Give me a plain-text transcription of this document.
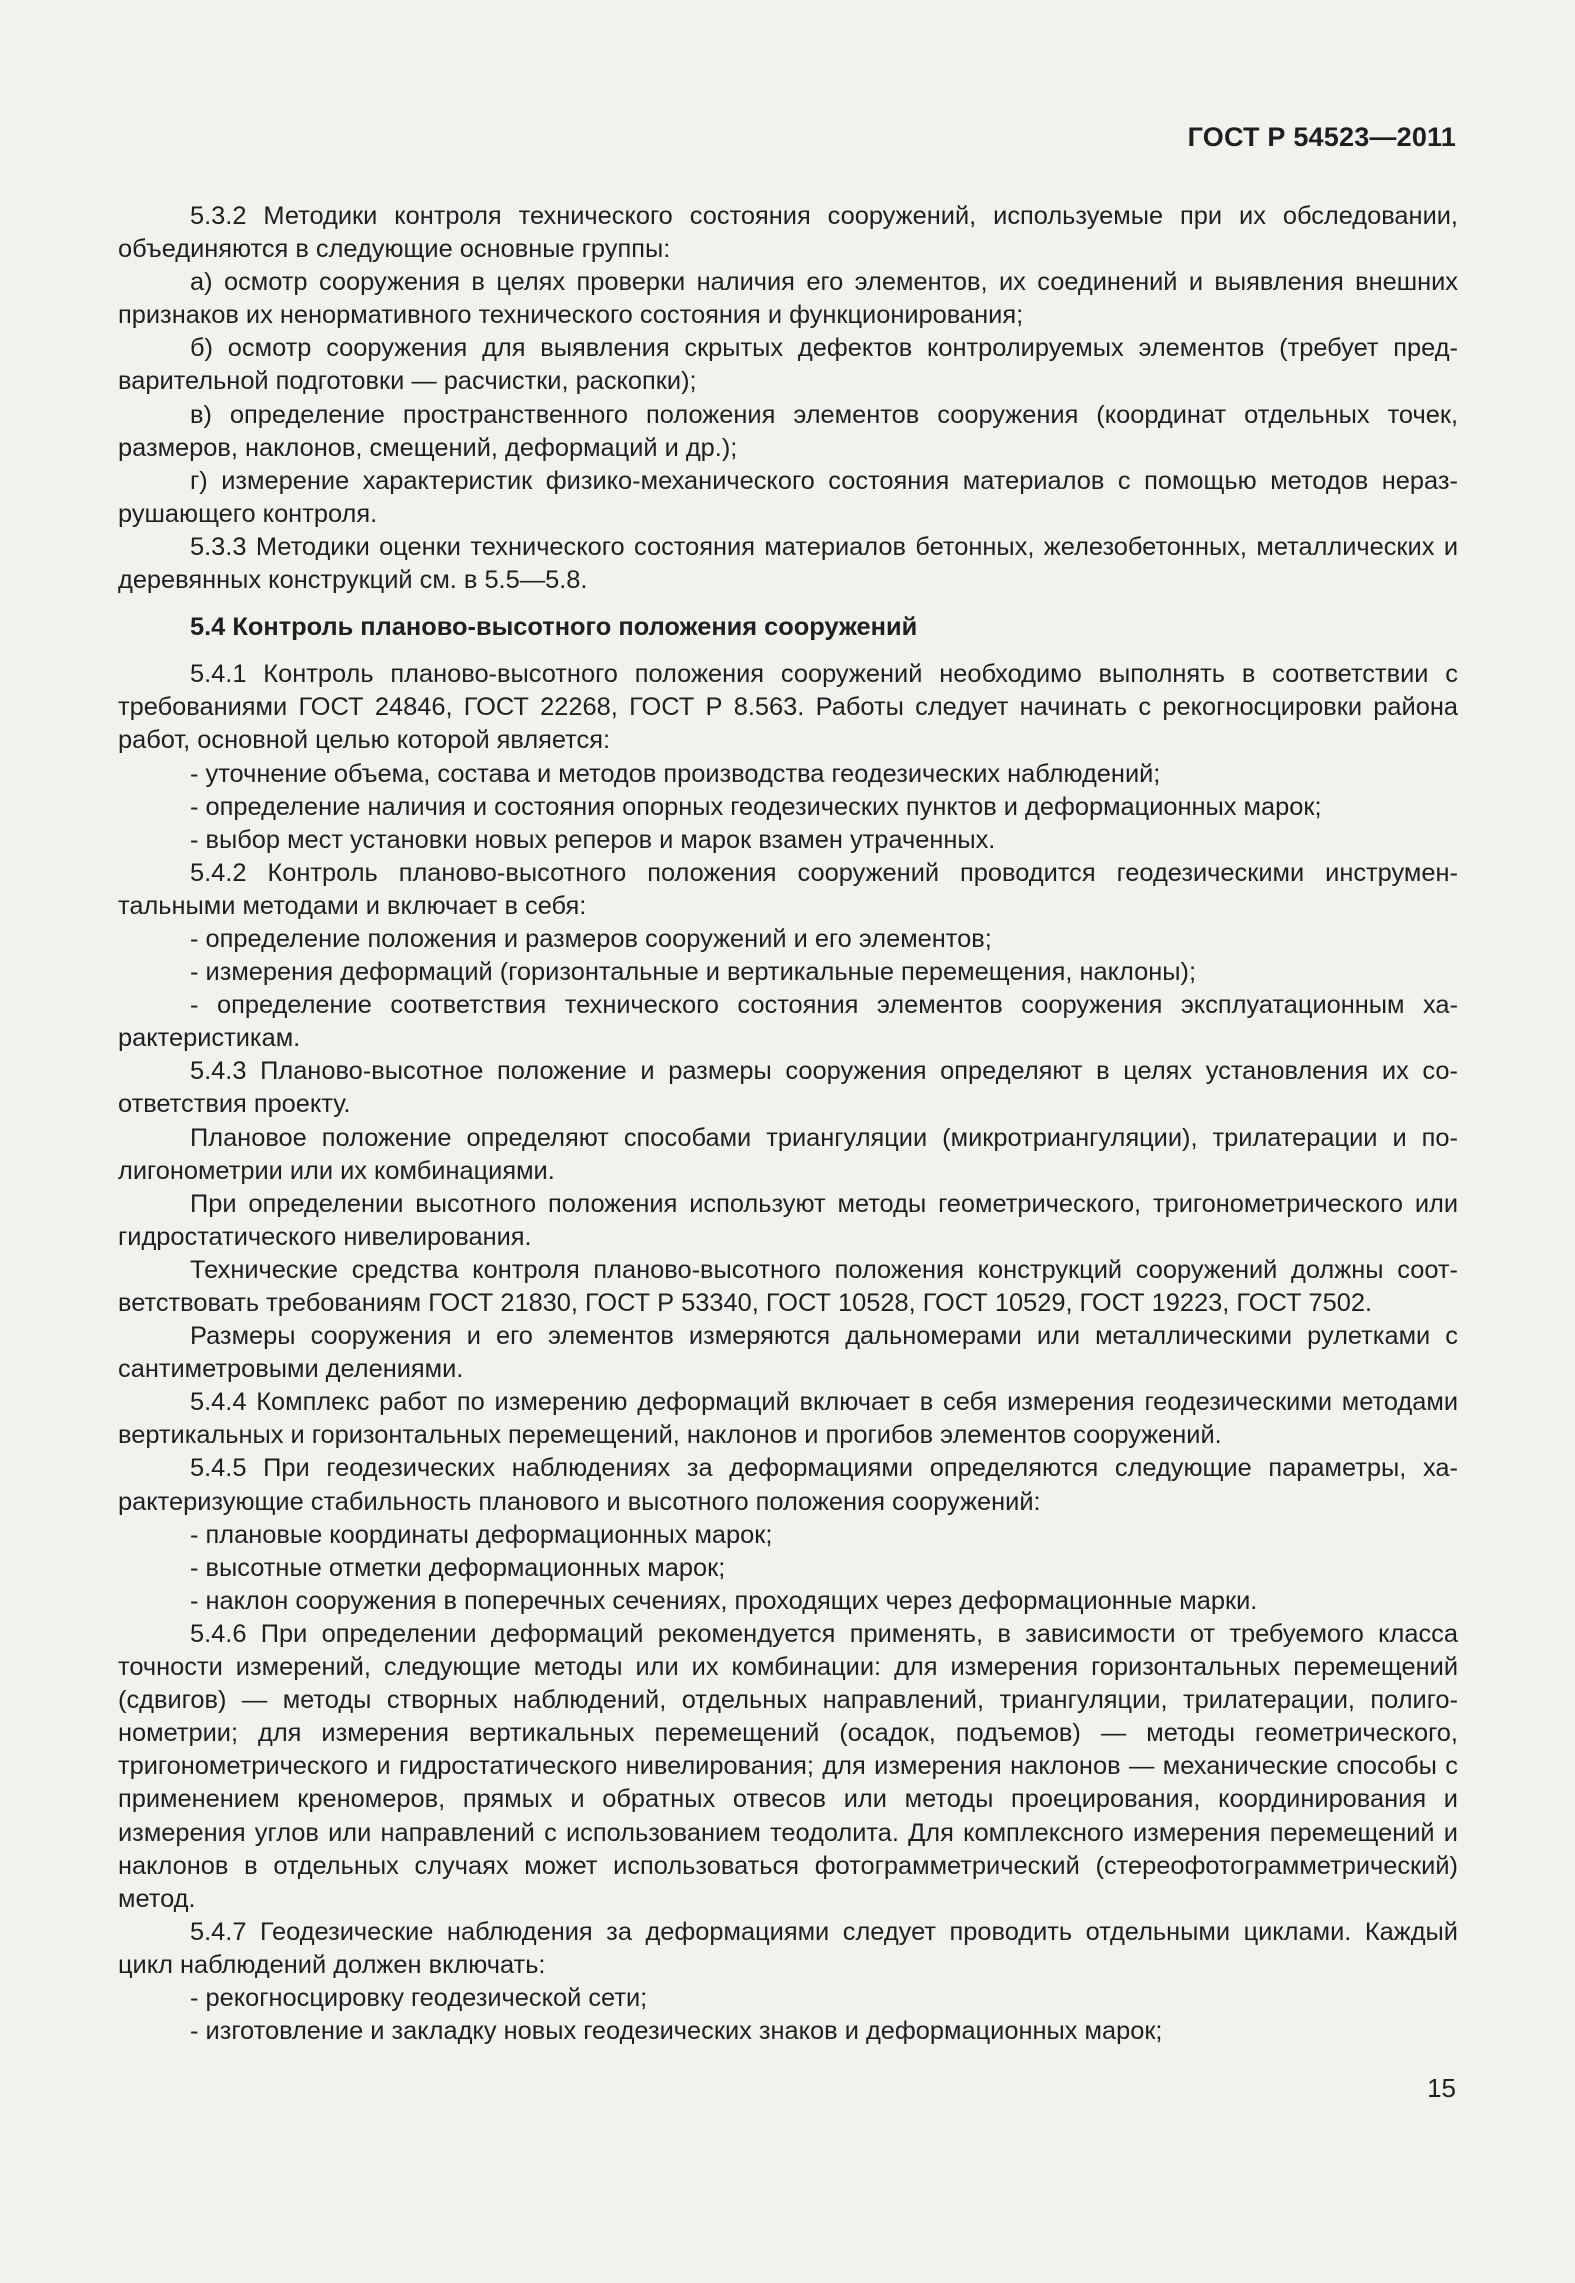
ГОСТ Р 54523—2011

5.3.2 Методики контроля технического состояния сооружений, используемые при их обследовании, объединяются в следующие основные группы:

а) осмотр сооружения в целях проверки наличия его элементов, их соединений и выявления внешних признаков их ненормативного технического состояния и функционирования;

б) осмотр сооружения для выявления скрытых дефектов контролируемых элементов (требует предварительной подготовки — расчистки, раскопки);

в) определение пространственного положения элементов сооружения (координат отдельных точек, размеров, наклонов, смещений, деформаций и др.);

г) измерение характеристик физико-механического состояния материалов с помощью методов неразрушающего контроля.

5.3.3 Методики оценки технического состояния материалов бетонных, железобетонных, металлических и деревянных конструкций см. в 5.5—5.8.

5.4 Контроль планово-высотного положения сооружений

5.4.1 Контроль планово-высотного положения сооружений необходимо выполнять в соответствии с требованиями ГОСТ 24846, ГОСТ 22268, ГОСТ Р 8.563. Работы следует начинать с рекогносцировки района работ, основной целью которой является:

- уточнение объема, состава и методов производства геодезических наблюдений;

- определение наличия и состояния опорных геодезических пунктов и деформационных марок;

- выбор мест установки новых реперов и марок взамен утраченных.

5.4.2 Контроль планово-высотного положения сооружений проводится геодезическими инструментальными методами и включает в себя:

- определение положения и размеров сооружений и его элементов;

- измерения деформаций (горизонтальные и вертикальные перемещения, наклоны);

- определение соответствия технического состояния элементов сооружения эксплуатационным характеристикам.

5.4.3 Планово-высотное положение и размеры сооружения определяют в целях установления их соответствия проекту.

Плановое положение определяют способами триангуляции (микротриангуляции), трилатерации и полигонометрии или их комбинациями.

При определении высотного положения используют методы геометрического, тригонометрического или гидростатического нивелирования.

Технические средства контроля планово-высотного положения конструкций сооружений должны соответствовать требованиям ГОСТ 21830, ГОСТ Р 53340, ГОСТ 10528, ГОСТ 10529, ГОСТ 19223, ГОСТ 7502.

Размеры сооружения и его элементов измеряются дальномерами или металлическими рулетками с сантиметровыми делениями.

5.4.4 Комплекс работ по измерению деформаций включает в себя измерения геодезическими методами вертикальных и горизонтальных перемещений, наклонов и прогибов элементов сооружений.

5.4.5 При геодезических наблюдениях за деформациями определяются следующие параметры, характеризующие стабильность планового и высотного положения сооружений:

- плановые координаты деформационных марок;

- высотные отметки деформационных марок;

- наклон сооружения в поперечных сечениях, проходящих через деформационные марки.

5.4.6 При определении деформаций рекомендуется применять, в зависимости от требуемого класса точности измерений, следующие методы или их комбинации: для измерения горизонтальных перемещений (сдвигов) — методы створных наблюдений, отдельных направлений, триангуляции, трилатерации, полигонометрии; для измерения вертикальных перемещений (осадок, подъемов) — методы геометрического, тригонометрического и гидростатического нивелирования; для измерения наклонов — механические способы с применением креномеров, прямых и обратных отвесов или методы проецирования, координирования и измерения углов или направлений с использованием теодолита. Для комплексного измерения перемещений и наклонов в отдельных случаях может использоваться фотограмметрический (стереофотограмметрический) метод.

5.4.7 Геодезические наблюдения за деформациями следует проводить отдельными циклами. Каждый цикл наблюдений должен включать:

- рекогносцировку геодезической сети;

- изготовление и закладку новых геодезических знаков и деформационных марок;

15
